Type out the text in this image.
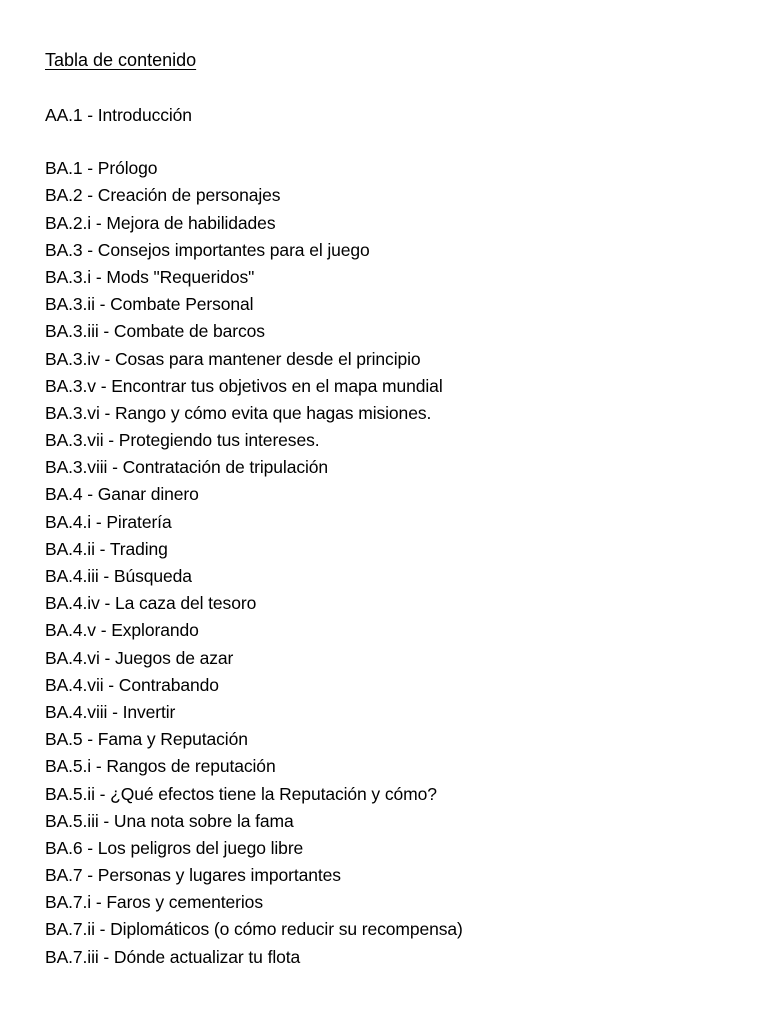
Tabla de contenido
AA.1 - Introducción
BA.1 - Prólogo
BA.2 - Creación de personajes
BA.2.i - Mejora de habilidades
BA.3 - Consejos importantes para el juego
BA.3.i - Mods "Requeridos"
BA.3.ii - Combate Personal
BA.3.iii - Combate de barcos
BA.3.iv - Cosas para mantener desde el principio
BA.3.v - Encontrar tus objetivos en el mapa mundial
BA.3.vi - Rango y cómo evita que hagas misiones.
BA.3.vii - Protegiendo tus intereses.
BA.3.viii - Contratación de tripulación
BA.4 - Ganar dinero
BA.4.i - Piratería
BA.4.ii - Trading
BA.4.iii - Búsqueda
BA.4.iv - La caza del tesoro
BA.4.v - Explorando
BA.4.vi - Juegos de azar
BA.4.vii - Contrabando
BA.4.viii - Invertir
BA.5 - Fama y Reputación
BA.5.i - Rangos de reputación
BA.5.ii - ¿Qué efectos tiene la Reputación y cómo?
BA.5.iii - Una nota sobre la fama
BA.6 - Los peligros del juego libre
BA.7 - Personas y lugares importantes
BA.7.i - Faros y cementerios
BA.7.ii - Diplomáticos (o cómo reducir su recompensa)
BA.7.iii - Dónde actualizar tu flota
